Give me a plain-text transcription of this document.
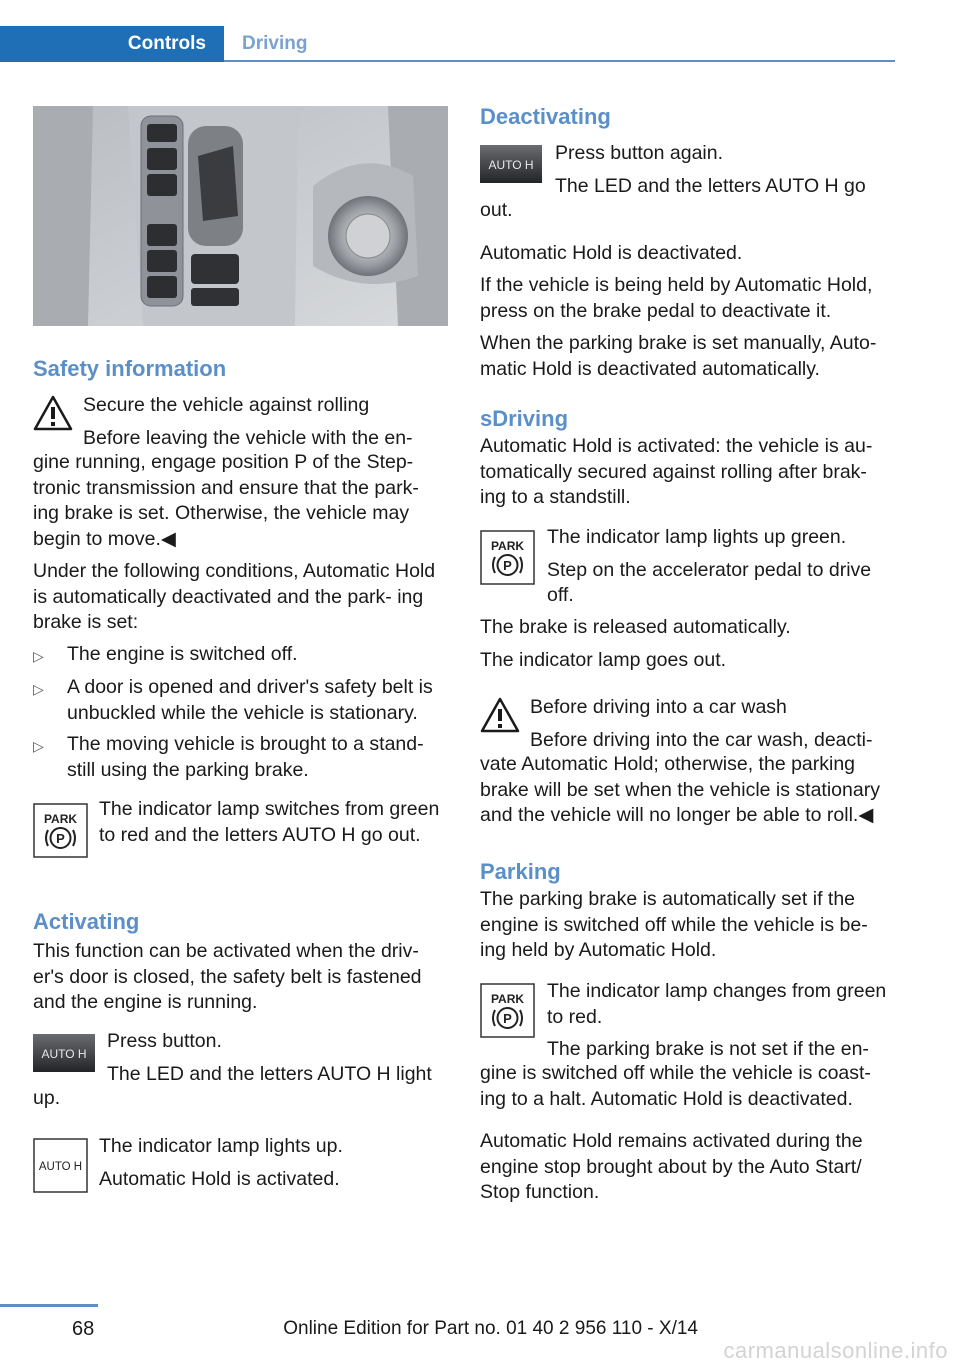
Controls	Driving
Safety information

Secure the vehicle against rolling

Before leaving the vehicle with the en‐

gine running, engage position P of the Step‐ tronic transmission and ensure that the park‐ ing brake is set. Otherwise, the vehicle may begin to move.◀

Under the following conditions, Automatic Hold is automatically deactivated and the park‐ ing brake is set:

▷	The engine is switched off.
▷	A door is opened and driver's safety belt is unbuckled while the vehicle is stationary.
▷	The moving vehicle is brought to a stand‐ still using the parking brake.
PARK
P

The indicator lamp switches from green to red and the letters AUTO H go out.

Activating

This function can be activated when the driv‐ er's door is closed, the safety belt is fastened and the engine is running.

AUTO H

Press button.

The LED and the letters AUTO H light

up.

AUTO H

The indicator lamp lights up.

Automatic Hold is activated.

Deactivating
AUTO H

Press button again.

The LED and the letters AUTO H go

out.

Automatic Hold is deactivated.

If the vehicle is being held by Automatic Hold, press on the brake pedal to deactivate it.

When the parking brake is set manually, Auto‐ matic Hold is deactivated automatically.

sDriving

Automatic Hold is activated: the vehicle is au‐ tomatically secured against rolling after brak‐ ing to a standstill.

PARK
P

The indicator lamp lights up green.

Step on the accelerator pedal to drive off.

The brake is released automatically.

The indicator lamp goes out.

Before driving into a car wash

Before driving into the car wash, deacti‐

vate Automatic Hold; otherwise, the parking brake will be set when the vehicle is stationary and the vehicle will no longer be able to roll.◀

Parking

The parking brake is automatically set if the engine is switched off while the vehicle is be‐ ing held by Automatic Hold.

PARK
P

The indicator lamp changes from green to red.

The parking brake is not set if the en‐

gine is switched off while the vehicle is coast‐ ing to a halt. Automatic Hold is deactivated.

Automatic Hold remains activated during the engine stop brought about by the Auto Start/ Stop function.

68	Online Edition for Part no. 01 40 2 956 110 - X/14
carmanualsonline.info
